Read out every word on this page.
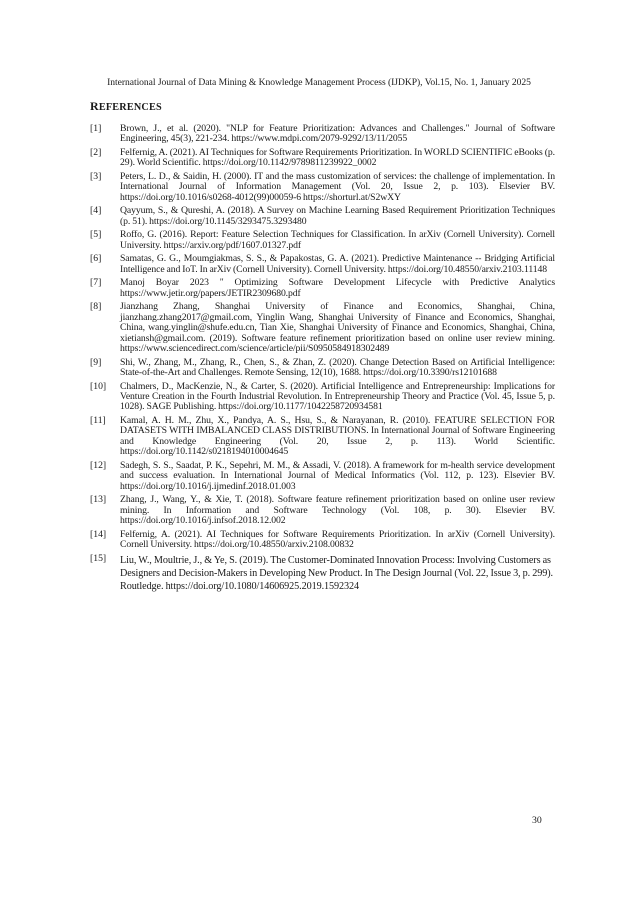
International Journal of Data Mining & Knowledge Management Process (IJDKP), Vol.15, No. 1, January 2025
REFERENCES
[1]	Brown, J., et al. (2020). "NLP for Feature Prioritization: Advances and Challenges." Journal of Software Engineering, 45(3), 221-234. https://www.mdpi.com/2079-9292/13/11/2055
[2]	Felfernig, A. (2021). AI Techniques for Software Requirements Prioritization. In WORLD SCIENTIFIC eBooks (p. 29). World Scientific. https://doi.org/10.1142/9789811239922_0002
[3]	Peters, L. D., & Saidin, H. (2000). IT and the mass customization of services: the challenge of implementation. In International Journal of Information Management (Vol. 20, Issue 2, p. 103). Elsevier BV. https://doi.org/10.1016/s0268-4012(99)00059-6 https://shorturl.at/S2wXY
[4]	Qayyum, S., & Qureshi, A. (2018). A Survey on Machine Learning Based Requirement Prioritization Techniques (p. 51). https://doi.org/10.1145/3293475.3293480
[5]	Roffo, G. (2016). Report: Feature Selection Techniques for Classification. In arXiv (Cornell University). Cornell University. https://arxiv.org/pdf/1607.01327.pdf
[6]	Samatas, G. G., Moumgiakmas, S. S., & Papakostas, G. A. (2021). Predictive Maintenance -- Bridging Artificial Intelligence and IoT. In arXiv (Cornell University). Cornell University. https://doi.org/10.48550/arxiv.2103.11148
[7]	Manoj Boyar 2023 " Optimizing Software Development Lifecycle with Predictive Analytics https://www.jetir.org/papers/JETIR2309680.pdf
[8]	Jianzhang Zhang, Shanghai University of Finance and Economics, Shanghai, China, jianzhang.zhang2017@gmail.com, Yinglin Wang, Shanghai University of Finance and Economics, Shanghai, China, wang.yinglin@shufe.edu.cn, Tian Xie, Shanghai University of Finance and Economics, Shanghai, China, xietiansh@gmail.com. (2019). Software feature refinement prioritization based on online user review mining. https://www.sciencedirect.com/science/article/pii/S0950584918302489
[9]	Shi, W., Zhang, M., Zhang, R., Chen, S., & Zhan, Z. (2020). Change Detection Based on Artificial Intelligence: State-of-the-Art and Challenges. Remote Sensing, 12(10), 1688. https://doi.org/10.3390/rs12101688
[10]	Chalmers, D., MacKenzie, N., & Carter, S. (2020). Artificial Intelligence and Entrepreneurship: Implications for Venture Creation in the Fourth Industrial Revolution. In Entrepreneurship Theory and Practice (Vol. 45, Issue 5, p. 1028). SAGE Publishing. https://doi.org/10.1177/1042258720934581
[11]	Kamal, A. H. M., Zhu, X., Pandya, A. S., Hsu, S., & Narayanan, R. (2010). FEATURE SELECTION FOR DATASETS WITH IMBALANCED CLASS DISTRIBUTIONS. In International Journal of Software Engineering and Knowledge Engineering (Vol. 20, Issue 2, p. 113). World Scientific. https://doi.org/10.1142/s0218194010004645
[12]	Sadegh, S. S., Saadat, P. K., Sepehri, M. M., & Assadi, V. (2018). A framework for m-health service development and success evaluation. In International Journal of Medical Informatics (Vol. 112, p. 123). Elsevier BV. https://doi.org/10.1016/j.ijmedinf.2018.01.003
[13]	Zhang, J., Wang, Y., & Xie, T. (2018). Software feature refinement prioritization based on online user review mining. In Information and Software Technology (Vol. 108, p. 30). Elsevier BV. https://doi.org/10.1016/j.infsof.2018.12.002
[14]	Felfernig, A. (2021). AI Techniques for Software Requirements Prioritization. In arXiv (Cornell University). Cornell University. https://doi.org/10.48550/arxiv.2108.00832
[15]	Liu, W., Moultrie, J., & Ye, S. (2019). The Customer-Dominated Innovation Process: Involving Customers as Designers and Decision-Makers in Developing New Product. In The Design Journal (Vol. 22, Issue 3, p. 299). Routledge. https://doi.org/10.1080/14606925.2019.1592324
30
